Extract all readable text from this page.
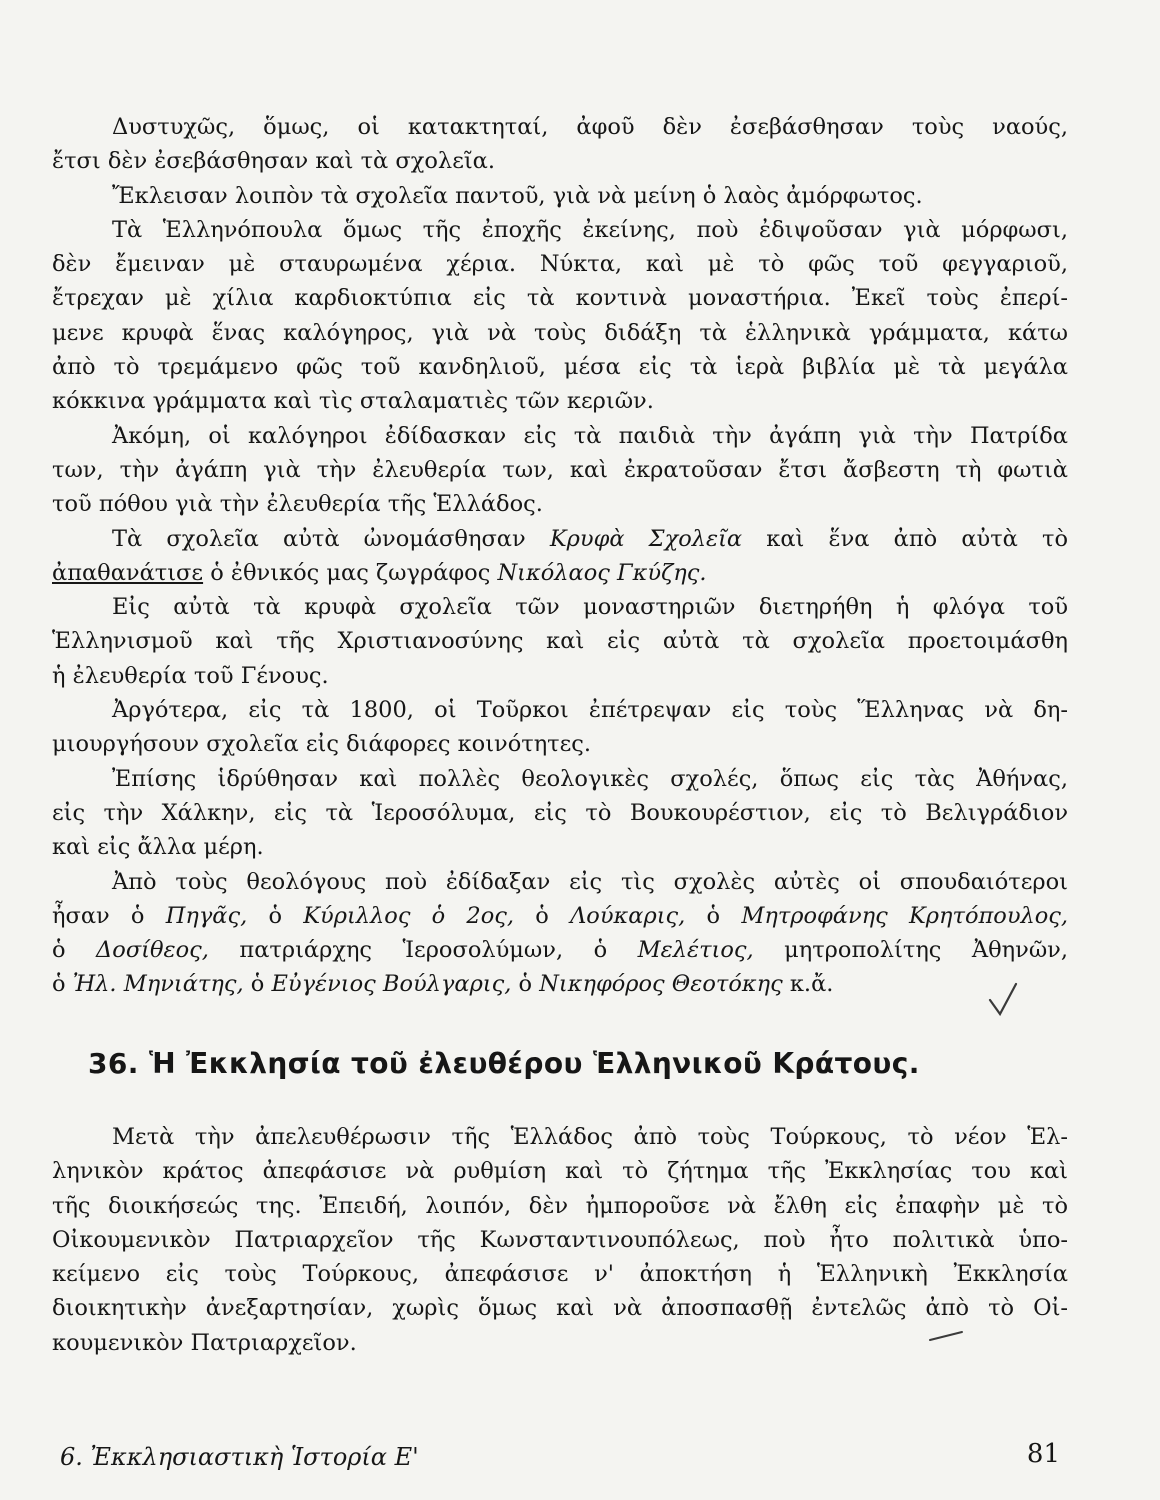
Δυστυχῶς, ὅμως, οἱ κατακτηταί, ἀφοῦ δὲν ἐσεβάσθησαν τοὺς ναούς,
ἔτσι δὲν ἐσεβάσθησαν καὶ τὰ σχολεῖα.
Ἔκλεισαν λοιπὸν τὰ σχολεῖα παντοῦ, γιὰ νὰ μείνη ὁ λαὸς ἀμόρφωτος.
Τὰ Ἑλληνόπουλα ὅμως τῆς ἐποχῆς ἐκείνης, ποὺ ἐδιψοῦσαν γιὰ μόρφωσι,
δὲν ἔμειναν μὲ σταυρωμένα χέρια. Νύκτα, καὶ μὲ τὸ φῶς τοῦ φεγγαριοῦ,
ἔτρεχαν μὲ χίλια καρδιοκτύπια εἰς τὰ κοντινὰ μοναστήρια. Ἐκεῖ τοὺς ἐπερί-
μενε κρυφὰ ἕνας καλόγηρος, γιὰ νὰ τοὺς διδάξη τὰ ἑλληνικὰ γράμματα, κάτω
ἀπὸ τὸ τρεμάμενο φῶς τοῦ κανδηλιοῦ, μέσα εἰς τὰ ἱερὰ βιβλία μὲ τὰ μεγάλα
κόκκινα γράμματα καὶ τὶς σταλαματιὲς τῶν κεριῶν.
Ἀκόμη, οἱ καλόγηροι ἐδίδασκαν εἰς τὰ παιδιὰ τὴν ἀγάπη γιὰ τὴν Πατρίδα
των, τὴν ἀγάπη γιὰ τὴν ἐλευθερία των, καὶ ἐκρατοῦσαν ἔτσι ἄσβεστη τὴ φωτιὰ
τοῦ πόθου γιὰ τὴν ἐλευθερία τῆς Ἑλλάδος.
Τὰ σχολεῖα αὐτὰ ὠνομάσθησαν Κρυφὰ Σχολεῖα καὶ ἕνα ἀπὸ αὐτὰ τὸ
ἀπαθανάτισε ὁ ἐθνικός μας ζωγράφος Νικόλαος Γκύζης.
Εἰς αὐτὰ τὰ κρυφὰ σχολεῖα τῶν μοναστηριῶν διετηρήθη ἡ φλόγα τοῦ
Ἑλληνισμοῦ καὶ τῆς Χριστιανοσύνης καὶ εἰς αὐτὰ τὰ σχολεῖα προετοιμάσθη
ἡ ἐλευθερία τοῦ Γένους.
Ἀργότερα, εἰς τὰ 1800, οἱ Τοῦρκοι ἐπέτρεψαν εἰς τοὺς Ἕλληνας νὰ δη-
μιουργήσουν σχολεῖα εἰς διάφορες κοινότητες.
Ἐπίσης ἱδρύθησαν καὶ πολλὲς θεολογικὲς σχολές, ὅπως εἰς τὰς Ἀθήνας,
εἰς τὴν Χάλκην, εἰς τὰ Ἱεροσόλυμα, εἰς τὸ Βουκουρέστιον, εἰς τὸ Βελιγράδιον
καὶ εἰς ἄλλα μέρη.
Ἀπὸ τοὺς θεολόγους ποὺ ἐδίδαξαν εἰς τὶς σχολὲς αὐτὲς οἱ σπουδαιότεροι
ἦσαν ὁ Πηγᾶς, ὁ Κύριλλος ὁ 2ος, ὁ Λούκαρις, ὁ Μητροφάνης Κρητόπουλος,
ὁ Δοσίθεος, πατριάρχης Ἱεροσολύμων, ὁ Μελέτιος, μητροπολίτης Ἀθηνῶν,
ὁ Ἠλ. Μηνιάτης, ὁ Εὐγένιος Βούλγαρις, ὁ Νικηφόρος Θεοτόκης κ.ἄ.
36. Ἡ Ἐκκλησία τοῦ ἐλευθέρου Ἑλληνικοῦ Κράτους.
Μετὰ τὴν ἀπελευθέρωσιν τῆς Ἑλλάδος ἀπὸ τοὺς Τούρκους, τὸ νέον Ἑλ-
ληνικὸν κράτος ἀπεφάσισε νὰ ρυθμίση καὶ τὸ ζήτημα τῆς Ἐκκλησίας του καὶ
τῆς διοικήσεώς της. Ἐπειδή, λοιπόν, δὲν ἠμποροῦσε νὰ ἔλθη εἰς ἐπαφὴν μὲ τὸ
Οἰκουμενικὸν Πατριαρχεῖον τῆς Κωνσταντινουπόλεως, ποὺ ἦτο πολιτικὰ ὑπο-
κείμενο εἰς τοὺς Τούρκους, ἀπεφάσισε ν' ἀποκτήση ἡ Ἑλληνικὴ Ἐκκλησία
διοικητικὴν ἀνεξαρτησίαν, χωρὶς ὅμως καὶ νὰ ἀποσπασθῇ ἐντελῶς ἀπὸ τὸ Οἰ-
κουμενικὸν Πατριαρχεῖον.
6. Ἐκκλησιαστικὴ Ἱστορία Ε'	81
